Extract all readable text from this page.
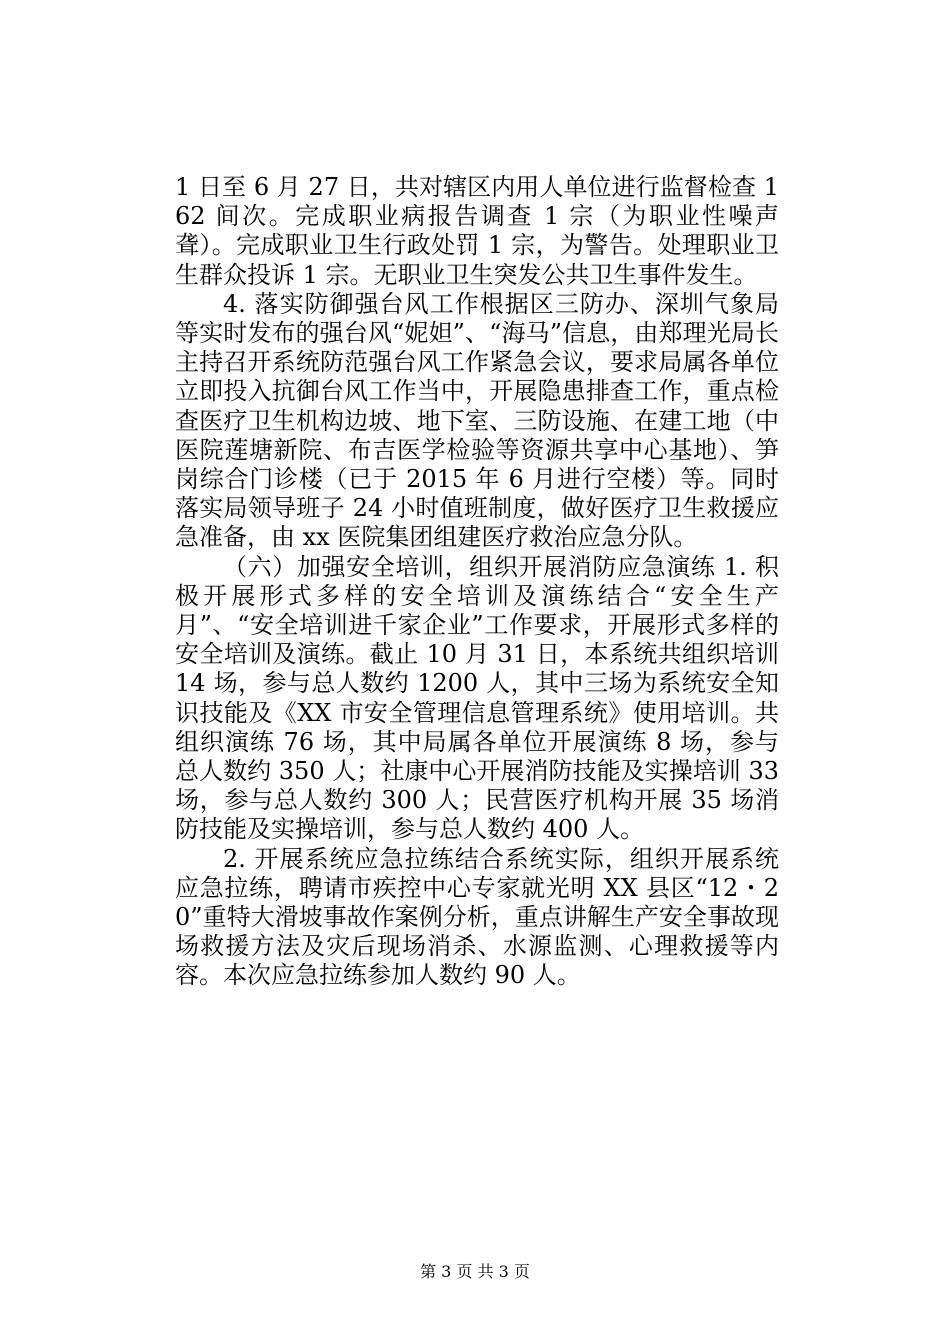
1 日至 6 月 27 日，共对辖区内用人单位进行监督检查 162 间次。完成职业病报告调查 1 宗（为职业性噪声聋）。完成职业卫生行政处罚 1 宗，为警告。处理职业卫生群众投诉 1 宗。无职业卫生突发公共卫生事件发生。

4. 落实防御强台风工作根据区三防办、深圳气象局等实时发布的强台风“妮妲”、“海马”信息，由郑理光局长主持召开系统防范强台风工作紧急会议，要求局属各单位立即投入抗御台风工作当中，开展隐患排查工作，重点检查医疗卫生机构边坡、地下室、三防设施、在建工地（中医院莲塘新院、布吉医学检验等资源共享中心基地）、笋岗综合门诊楼（已于 2015 年 6 月进行空楼）等。同时落实局领导班子 24 小时值班制度，做好医疗卫生救援应急准备，由 xx 医院集团组建医疗救治应急分队。

（六）加强安全培训，组织开展消防应急演练 1. 积极开展形式多样的安全培训及演练结合“安全生产月”、“安全培训进千家企业”工作要求，开展形式多样的安全培训及演练。截止 10 月 31 日，本系统共组织培训 14 场，参与总人数约 1200 人，其中三场为系统安全知识技能及《XX 市安全管理信息管理系统》使用培训。共组织演练 76 场，其中局属各单位开展演练 8 场，参与总人数约 350 人；社康中心开展消防技能及实操培训 33 场，参与总人数约 300 人；民营医疗机构开展 35 场消防技能及实操培训，参与总人数约 400 人。

2. 开展系统应急拉练结合系统实际，组织开展系统应急拉练，聘请市疾控中心专家就光明 XX 县区“12・20”重特大滑坡事故作案例分析，重点讲解生产安全事故现场救援方法及灾后现场消杀、水源监测、心理救援等内容。本次应急拉练参加人数约 90 人。

第 3 页 共 3 页
